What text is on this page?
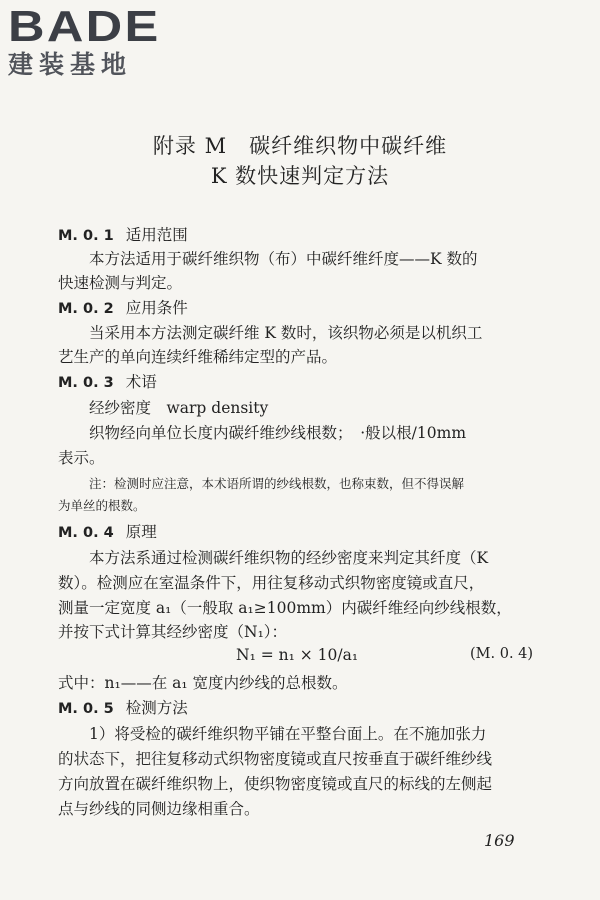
BADE
建装基地
附录 M　碳纤维织物中碳纤维
K 数快速判定方法
M. 0. 1 适用范围
本方法适用于碳纤维织物（布）中碳纤维纤度——K 数的
快速检测与判定。
M. 0. 2 应用条件
当采用本方法测定碳纤维 K 数时，该织物必须是以机织工
艺生产的单向连续纤维稀纬定型的产品。
M. 0. 3 术语
经纱密度　warp density
织物经向单位长度内碳纤维纱线根数；　·般以根/10mm
表示。
注：检测时应注意，本术语所谓的纱线根数，也称束数，但不得误解
为单丝的根数。
M. 0. 4 原理
本方法系通过检测碳纤维织物的经纱密度来判定其纤度（K
数）。检测应在室温条件下，用往复移动式织物密度镜或直尺，
测量一定宽度 a₁（一般取 a₁≥100mm）内碳纤维经向纱线根数，
并按下式计算其经纱密度（N₁）：
N₁ = n₁ × 10/a₁	(M. 0. 4)
式中：n₁——在 a₁ 宽度内纱线的总根数。
M. 0. 5 检测方法
1）将受检的碳纤维织物平铺在平整台面上。在不施加张力
的状态下，把往复移动式织物密度镜或直尺按垂直于碳纤维纱线
方向放置在碳纤维织物上，使织物密度镜或直尺的标线的左侧起
点与纱线的同侧边缘相重合。
169
